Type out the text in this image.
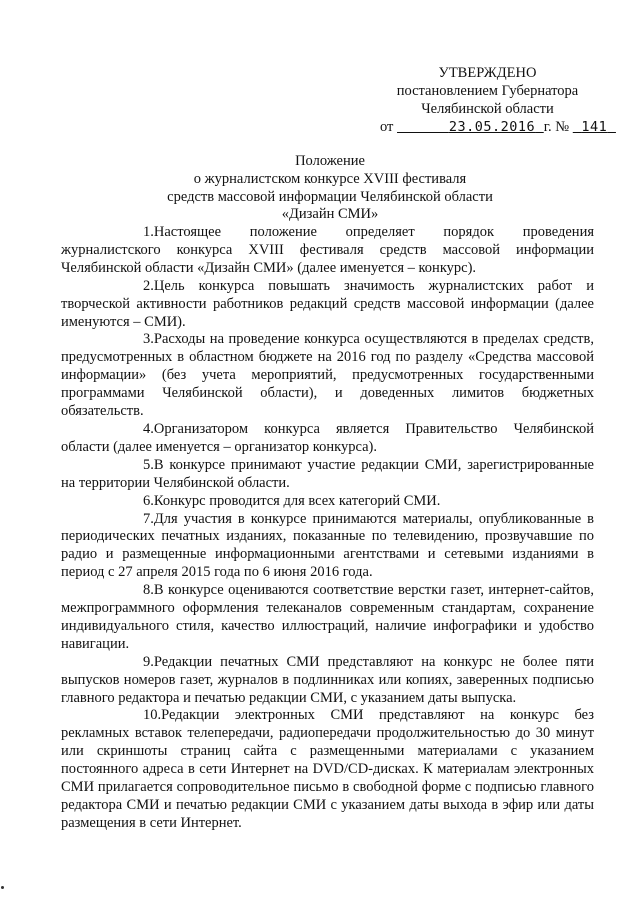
УТВЕРЖДЕНО
постановлением Губернатора
Челябинской области
от	23.05.2016 г. № 141
Положение
о журналистском конкурсе XVIII фестиваля
средств массовой информации Челябинской области
«Дизайн СМИ»

1.Настоящее положение определяет порядок проведения журналистского конкурса XVIII фестиваля средств массовой информации Челябинской области «Дизайн СМИ» (далее именуется – конкурс).

2.Цель конкурса повышать значимость журналистских работ и творческой активности работников редакций средств массовой информации (далее именуются – СМИ).

3.Расходы на проведение конкурса осуществляются в пределах средств, предусмотренных в областном бюджете на 2016 год по разделу «Средства массовой информации» (без учета мероприятий, предусмотренных государственными программами Челябинской области), и доведенных лимитов бюджетных обязательств.

4.Организатором конкурса является Правительство Челябинской области (далее именуется – организатор конкурса).

5.В конкурсе принимают участие редакции СМИ, зарегистрированные на территории Челябинской области.

6.Конкурс проводится для всех категорий СМИ.

7.Для участия в конкурсе принимаются материалы, опубликованные в периодических печатных изданиях, показанные по телевидению, прозвучавшие по радио и размещенные информационными агентствами и сетевыми изданиями в период с 27 апреля 2015 года по 6 июня 2016 года.

8.В конкурсе оцениваются соответствие верстки газет, интернет-сайтов, межпрограммного оформления телеканалов современным стандартам, сохранение индивидуального стиля, качество иллюстраций, наличие инфографики и удобство навигации.

9.Редакции печатных СМИ представляют на конкурс не более пяти выпусков номеров газет, журналов в подлинниках или копиях, заверенных подписью главного редактора и печатью редакции СМИ, с указанием даты выпуска.

10.Редакции электронных СМИ представляют на конкурс без рекламных вставок телепередачи, радиопередачи продолжительностью до 30 минут или скриншоты страниц сайта с размещенными материалами с указанием постоянного адреса в сети Интернет на DVD/CD-дисках. К материалам электронных СМИ прилагается сопроводительное письмо в свободной форме с подписью главного редактора СМИ и печатью редакции СМИ с указанием даты выхода в эфир или даты размещения в сети Интернет.
